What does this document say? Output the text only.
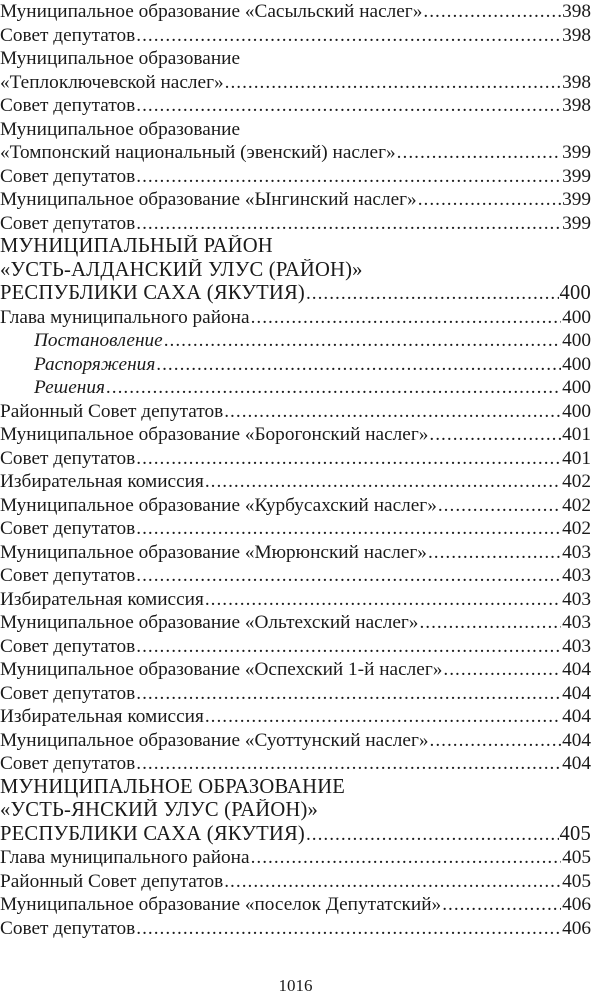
Муниципальное образование «Сасыльский наслег» .....	398
Совет депутатов .....	398
Муниципальное образование
«Теплоключевской наслег» .....	398
Совет депутатов .....	398
Муниципальное образование
«Томпонский национальный (эвенский) наслег» .....	399
Совет депутатов .....	399
Муниципальное образование «Ынгинский наслег» .....	399
Совет депутатов .....	399
МУНИЦИПАЛЬНЫЙ РАЙОН
«УСТЬ-АЛДАНСКИЙ УЛУС (РАЙОН)»
РЕСПУБЛИКИ САХА (ЯКУТИЯ) .....	400
Глава муниципального района .....	400
Постановление .....	400
Распоряжения .....	400
Решения .....	400
Районный Совет депутатов .....	400
Муниципальное образование «Борогонский наслег» .....	401
Совет депутатов .....	401
Избирательная комиссия .....	402
Муниципальное образование «Курбусахский наслег» .....	402
Совет депутатов .....	402
Муниципальное образование «Мюрюнский наслег» .....	403
Совет депутатов .....	403
Избирательная комиссия .....	403
Муниципальное образование «Ольтехский наслег» .....	403
Совет депутатов .....	403
Муниципальное образование «Оспехский 1-й наслег» .....	404
Совет депутатов .....	404
Избирательная комиссия .....	404
Муниципальное образование «Суоттунский наслег» .....	404
Совет депутатов .....	404
МУНИЦИПАЛЬНОЕ ОБРАЗОВАНИЕ
«УСТЬ-ЯНСКИЙ УЛУС (РАЙОН)»
РЕСПУБЛИКИ САХА (ЯКУТИЯ) .....	405
Глава муниципального района .....	405
Районный Совет депутатов .....	405
Муниципальное образование «поселок Депутатский» .....	406
Совет депутатов .....	406
1016
